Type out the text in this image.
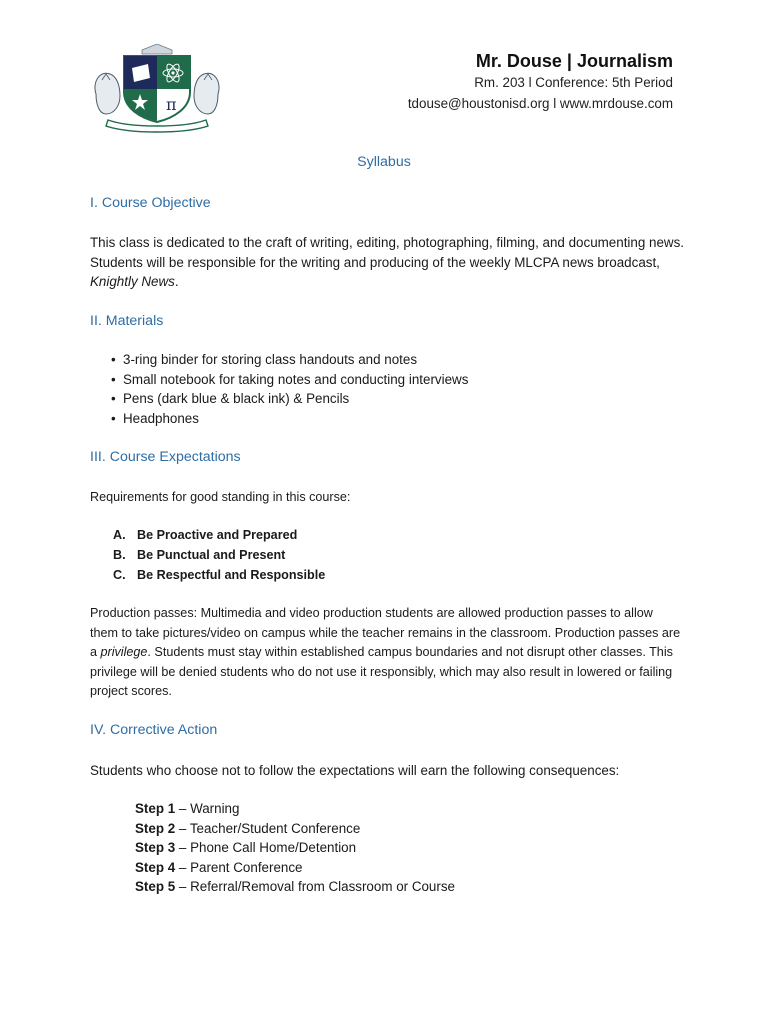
π
Mr. Douse | Journalism
Rm. 203 l Conference: 5th Period
tdouse@houstonisd.org l www.mrdouse.com
Syllabus
I. Course Objective
This class is dedicated to the craft of writing, editing, photographing, filming, and documenting news. Students will be responsible for the writing and producing of the weekly MLCPA news broadcast, Knightly News.
II. Materials
• 3-ring binder for storing class handouts and notes
• Small notebook for taking notes and conducting interviews
• Pens (dark blue & black ink) & Pencils
• Headphones
III. Course Expectations
Requirements for good standing in this course:
A. Be Proactive and Prepared
B. Be Punctual and Present
C. Be Respectful and Responsible
Production passes: Multimedia and video production students are allowed production passes to allow them to take pictures/video on campus while the teacher remains in the classroom. Production passes are a privilege. Students must stay within established campus boundaries and not disrupt other classes. This privilege will be denied students who do not use it responsibly, which may also result in lowered or failing project scores.
IV. Corrective Action
Students who choose not to follow the expectations will earn the following consequences:
Step 1 – Warning
Step 2 – Teacher/Student Conference
Step 3 – Phone Call Home/Detention
Step 4 – Parent Conference
Step 5 – Referral/Removal from Classroom or Course
